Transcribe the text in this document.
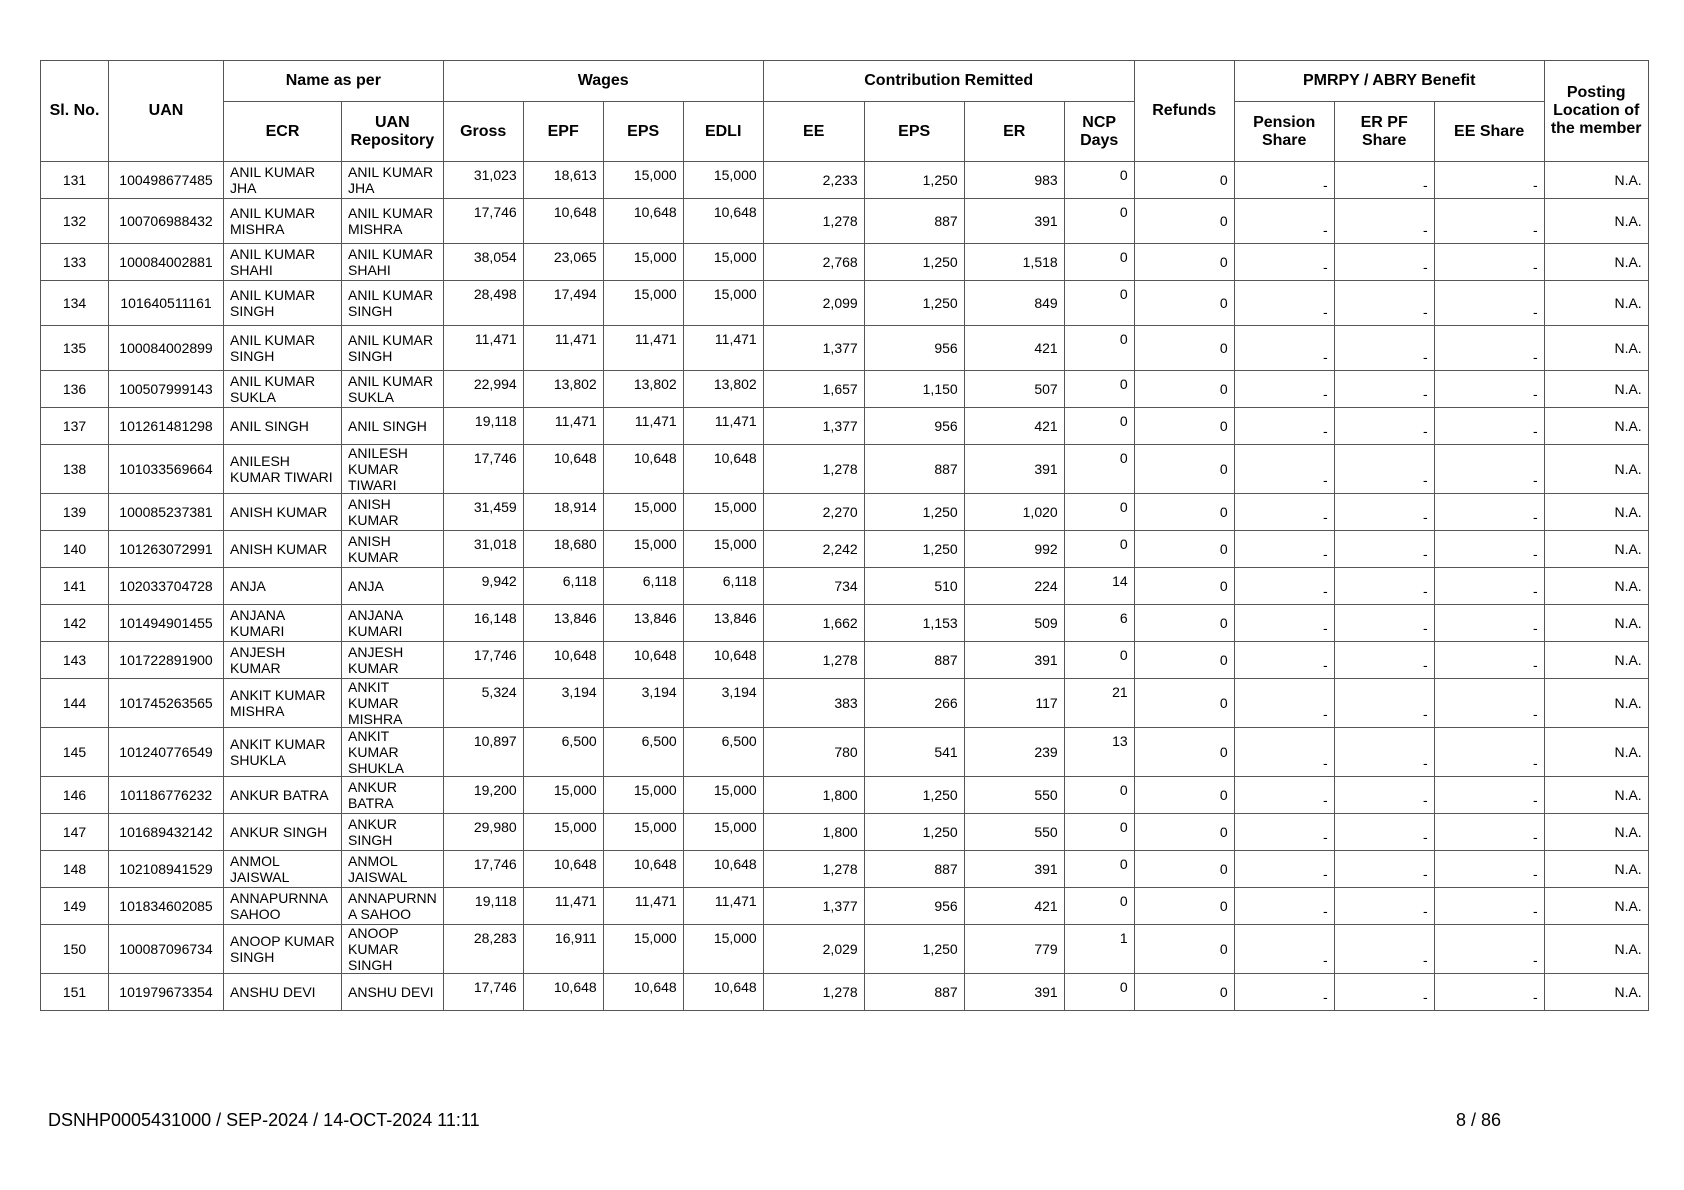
Sl. No.	UAN	Name as per		Wages				Contribution Remitted				Refunds	PMRPY / ABRY Benefit			Posting Location of the member
		ECR	UAN Repository	Gross	EPF	EPS	EDLI	EE	EPS	ER	NCP Days		Pension Share	ER PF Share	EE Share	
131	100498677485	ANIL KUMAR JHA	ANIL KUMAR JHA	31,023	18,613	15,000	15,000	2,233	1,250	983	0	0	-	-	-	N.A.
132	100706988432	ANIL KUMAR MISHRA	ANIL KUMAR MISHRA	17,746	10,648	10,648	10,648	1,278	887	391	0	0	-	-	-	N.A.
133	100084002881	ANIL KUMAR SHAHI	ANIL KUMAR SHAHI	38,054	23,065	15,000	15,000	2,768	1,250	1,518	0	0	-	-	-	N.A.
134	101640511161	ANIL KUMAR SINGH	ANIL KUMAR SINGH	28,498	17,494	15,000	15,000	2,099	1,250	849	0	0	-	-	-	N.A.
135	100084002899	ANIL KUMAR SINGH	ANIL KUMAR SINGH	11,471	11,471	11,471	11,471	1,377	956	421	0	0	-	-	-	N.A.
136	100507999143	ANIL KUMAR SUKLA	ANIL KUMAR SUKLA	22,994	13,802	13,802	13,802	1,657	1,150	507	0	0	-	-	-	N.A.
137	101261481298	ANIL SINGH	ANIL SINGH	19,118	11,471	11,471	11,471	1,377	956	421	0	0	-	-	-	N.A.
138	101033569664	ANILESH KUMAR TIWARI	ANILESH KUMAR TIWARI	17,746	10,648	10,648	10,648	1,278	887	391	0	0	-	-	-	N.A.
139	100085237381	ANISH KUMAR	ANISH KUMAR	31,459	18,914	15,000	15,000	2,270	1,250	1,020	0	0	-	-	-	N.A.
140	101263072991	ANISH KUMAR	ANISH KUMAR	31,018	18,680	15,000	15,000	2,242	1,250	992	0	0	-	-	-	N.A.
141	102033704728	ANJA	ANJA	9,942	6,118	6,118	6,118	734	510	224	14	0	-	-	-	N.A.
142	101494901455	ANJANA KUMARI	ANJANA KUMARI	16,148	13,846	13,846	13,846	1,662	1,153	509	6	0	-	-	-	N.A.
143	101722891900	ANJESH KUMAR	ANJESH KUMAR	17,746	10,648	10,648	10,648	1,278	887	391	0	0	-	-	-	N.A.
144	101745263565	ANKIT KUMAR MISHRA	ANKIT KUMAR MISHRA	5,324	3,194	3,194	3,194	383	266	117	21	0	-	-	-	N.A.
145	101240776549	ANKIT KUMAR SHUKLA	ANKIT KUMAR SHUKLA	10,897	6,500	6,500	6,500	780	541	239	13	0	-	-	-	N.A.
146	101186776232	ANKUR BATRA	ANKUR BATRA	19,200	15,000	15,000	15,000	1,800	1,250	550	0	0	-	-	-	N.A.
147	101689432142	ANKUR SINGH	ANKUR SINGH	29,980	15,000	15,000	15,000	1,800	1,250	550	0	0	-	-	-	N.A.
148	102108941529	ANMOL JAISWAL	ANMOL JAISWAL	17,746	10,648	10,648	10,648	1,278	887	391	0	0	-	-	-	N.A.
149	101834602085	ANNAPURNNA SAHOO	ANNAPURNN A SAHOO	19,118	11,471	11,471	11,471	1,377	956	421	0	0	-	-	-	N.A.
150	100087096734	ANOOP KUMAR SINGH	ANOOP KUMAR SINGH	28,283	16,911	15,000	15,000	2,029	1,250	779	1	0	-	-	-	N.A.
151	101979673354	ANSHU DEVI	ANSHU DEVI	17,746	10,648	10,648	10,648	1,278	887	391	0	0	-	-	-	N.A.
DSNHP0005431000 / SEP-2024 / 14-OCT-2024 11:11	8 / 86
